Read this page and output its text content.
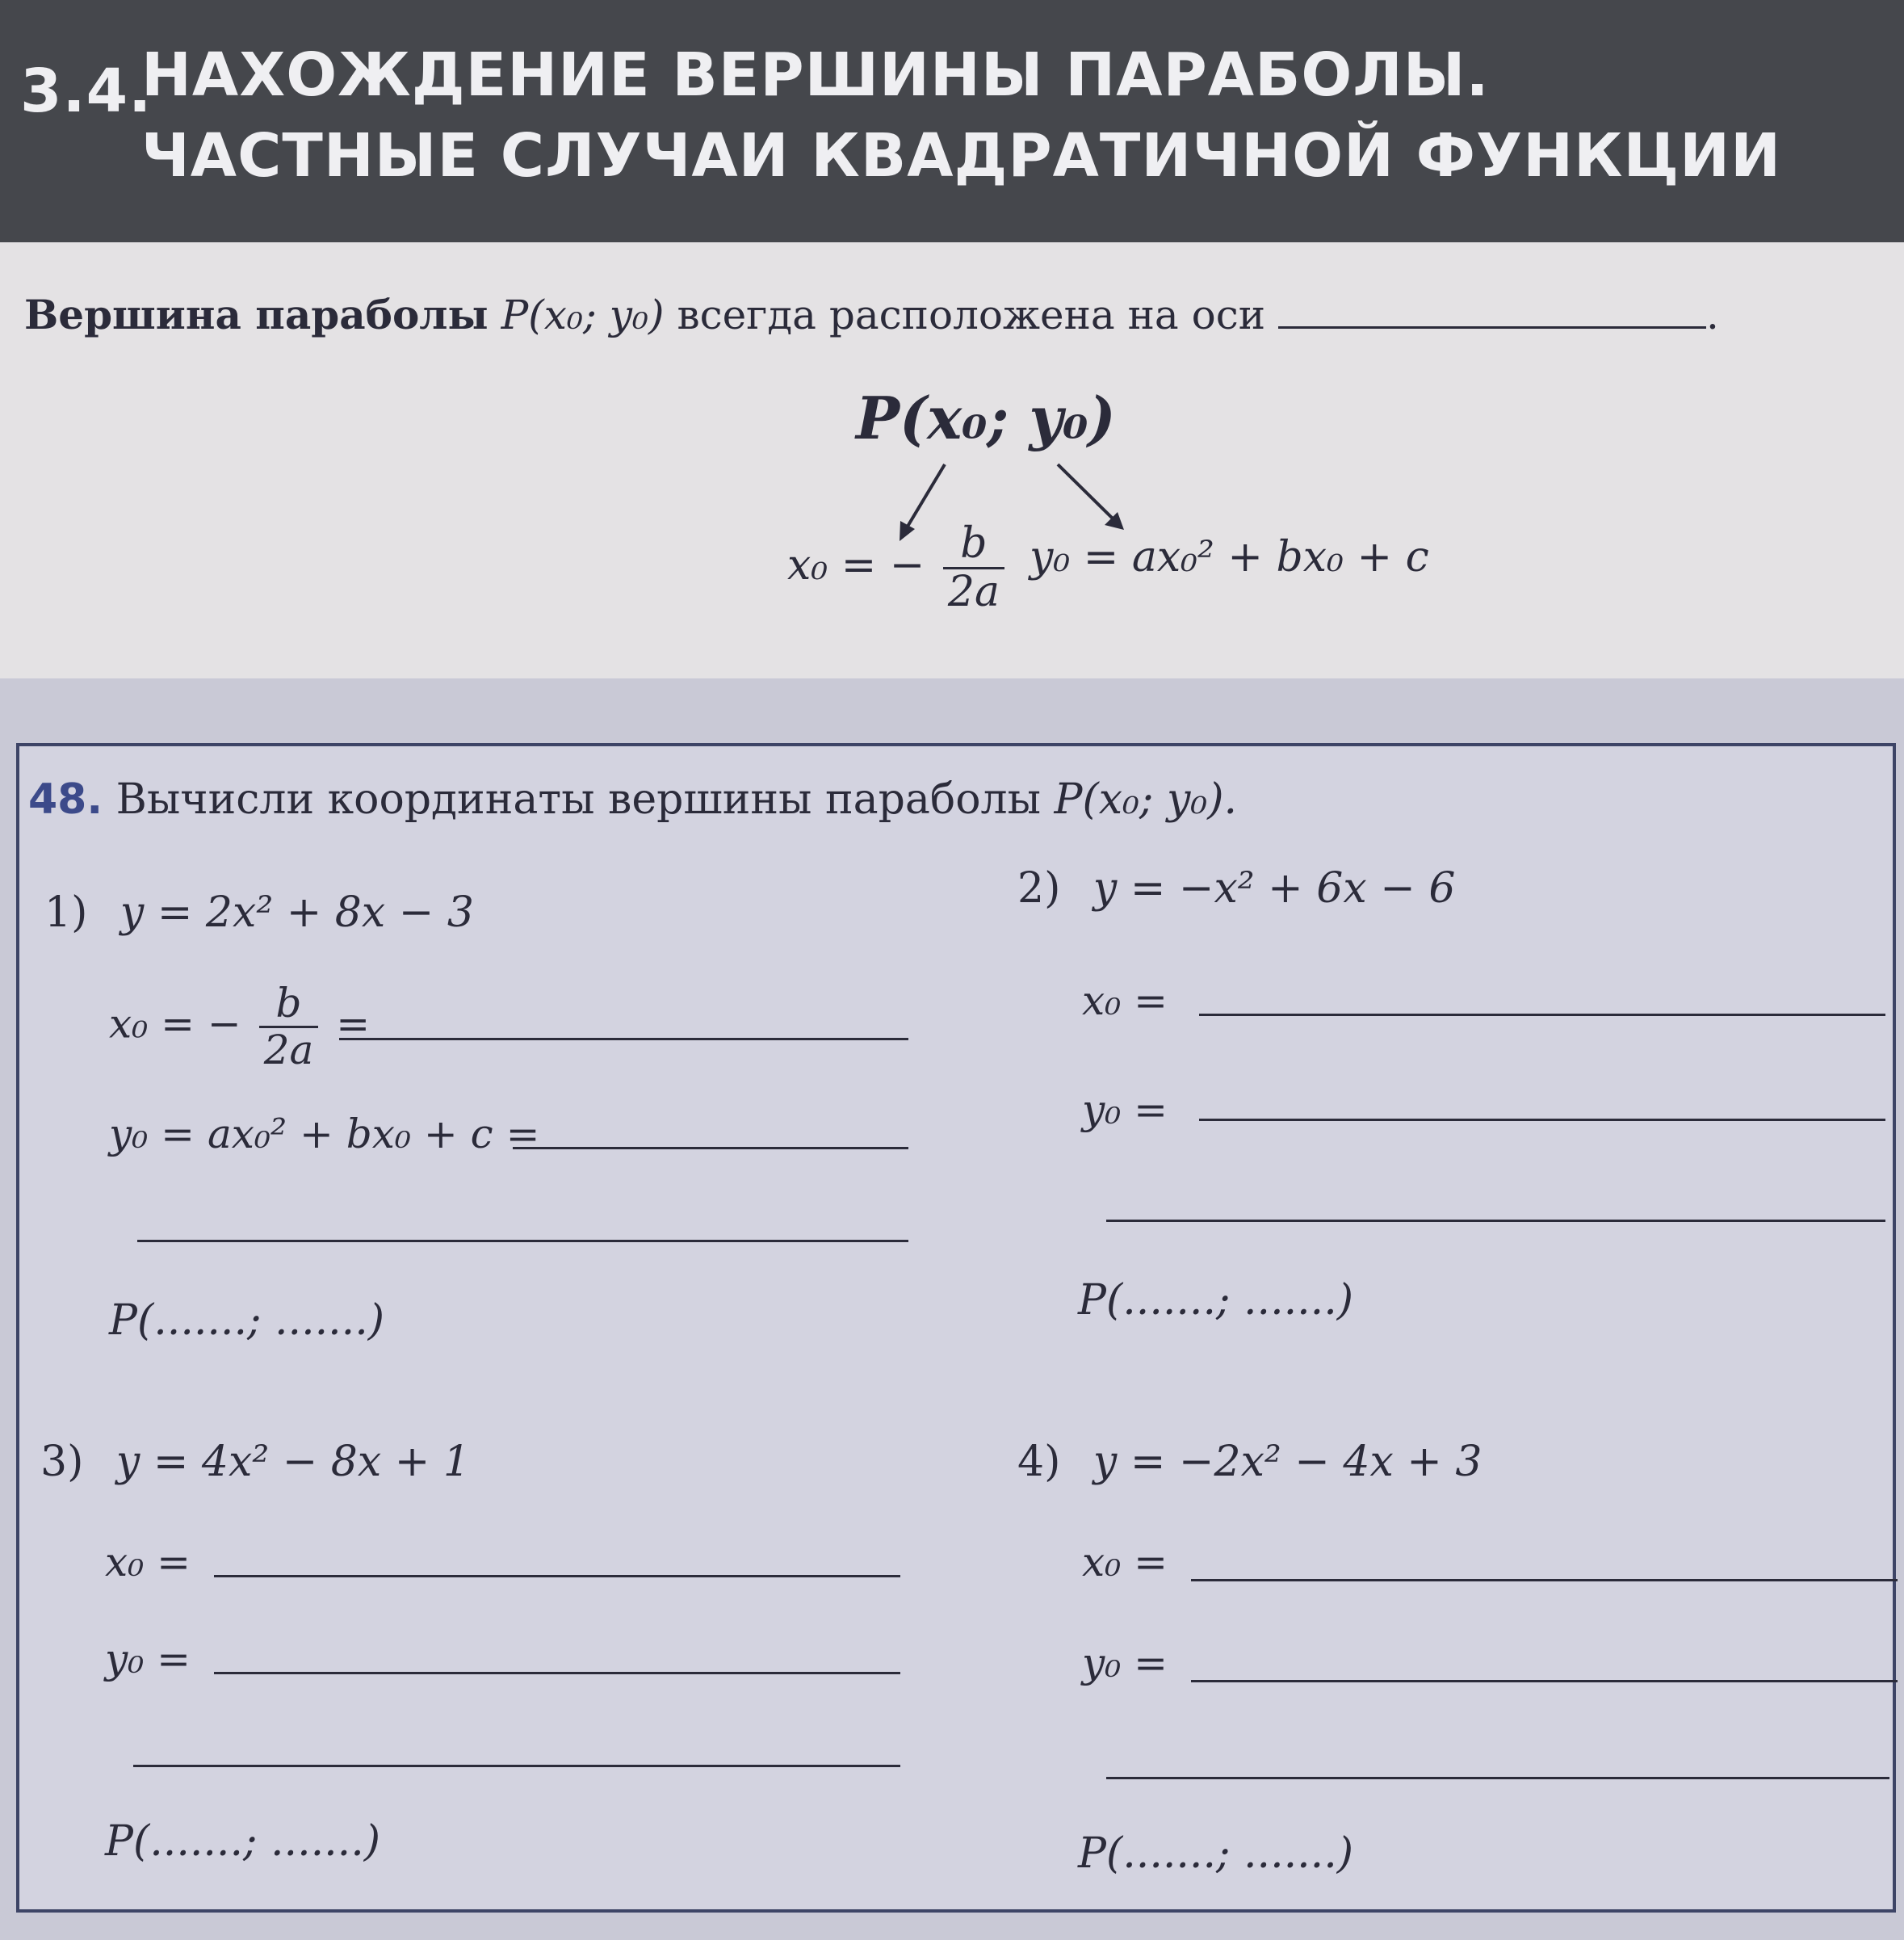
3.4.
НАХОЖДЕНИЕ ВЕРШИНЫ ПАРАБОЛЫ.
ЧАСТНЫЕ СЛУЧАИ КВАДРАТИЧНОЙ ФУНКЦИИ
Вершина параболы P(x₀; y₀) всегда расположена на оси	.
P(x₀; y₀)
x₀ = − $\frac{b}{2a} y_0 = ax_0^2 + bx_0 + c$
48. Вычисли координаты вершины параболы P(x₀; y₀).
1) y = 2x² + 8x − 3
x₀ = − $\frac{b}{2a}$ =
y₀ = ax₀² + bx₀ + c =
P(.......; .......)
2) y = −x² + 6x − 6
x₀ =
y₀ =
P(.......; .......)
3) y = 4x² − 8x + 1
x₀ =
y₀ =
P(.......; .......)
4) y = −2x² − 4x + 3
x₀ =
y₀ =
P(.......; .......)
